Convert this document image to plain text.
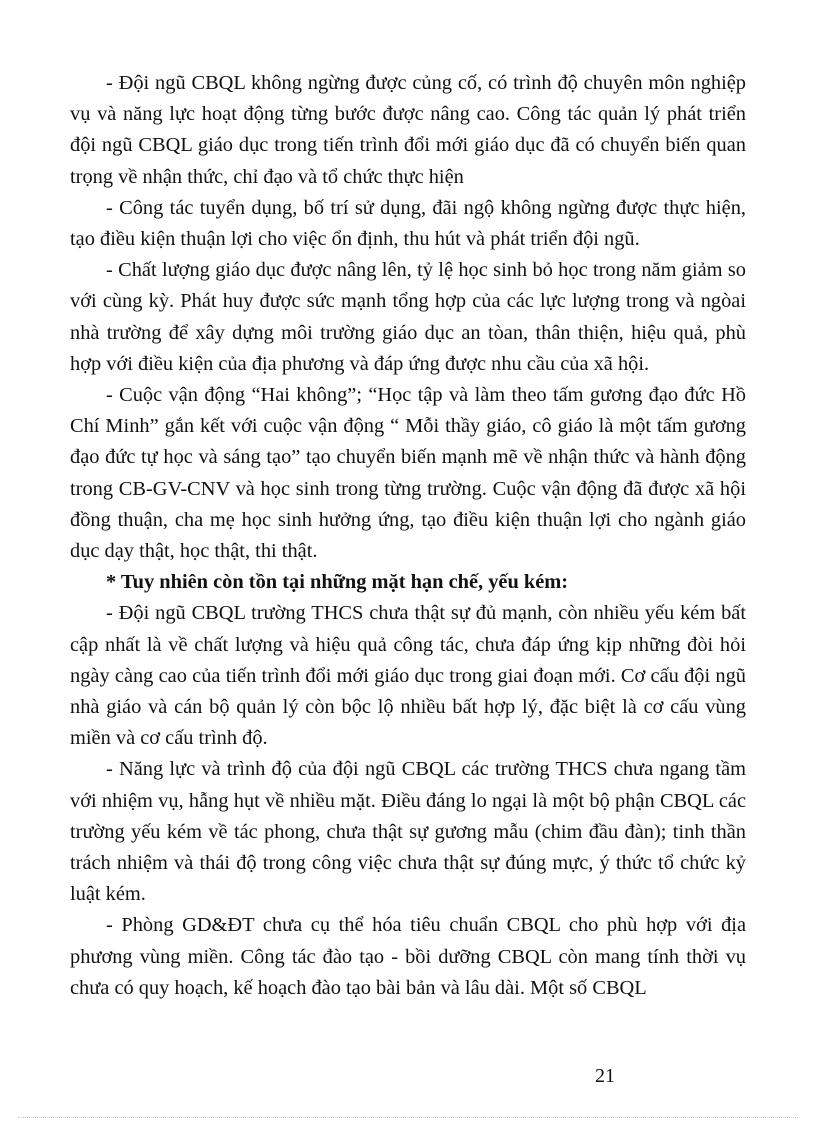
- Đội ngũ CBQL không ngừng được củng cố, có trình độ chuyên môn nghiệp vụ và năng lực hoạt động từng bước được nâng cao. Công tác quản lý phát triển đội ngũ CBQL giáo dục trong tiến trình đổi mới giáo dục đã có chuyển biến quan trọng về nhận thức, chỉ đạo và tổ chức thực hiện

- Công tác tuyển dụng, bố trí sử dụng, đãi ngộ không ngừng được thực hiện, tạo điều kiện thuận lợi cho việc ổn định, thu hút và phát triển đội ngũ.

- Chất lượng giáo dục được nâng lên, tỷ lệ học sinh bỏ học trong năm giảm so với cùng kỳ. Phát huy được sức mạnh tổng hợp của các lực lượng trong và ngòai nhà trường để xây dựng môi trường giáo dục an tòan, thân thiện, hiệu quả, phù hợp với điều kiện của địa phương và đáp ứng được nhu cầu của xã hội.

- Cuộc vận động “Hai không”; “Học tập và làm theo tấm gương đạo đức Hồ Chí Minh” gắn kết với cuộc vận động “ Mỗi thầy giáo, cô giáo là một tấm gương đạo đức tự học và sáng tạo” tạo chuyển biến mạnh mẽ về nhận thức và hành động trong CB-GV-CNV và học sinh trong từng trường. Cuộc vận động đã được xã hội đồng thuận, cha mẹ học sinh hưởng ứng, tạo điều kiện thuận lợi cho ngành giáo dục dạy thật, học thật, thi thật.

* Tuy nhiên còn tồn tại những mặt hạn chế, yếu kém:

- Đội ngũ CBQL trường THCS chưa thật sự đủ mạnh, còn nhiều yếu kém bất cập nhất là về chất lượng và hiệu quả công tác, chưa đáp ứng kịp những đòi hỏi ngày càng cao của tiến trình đổi mới giáo dục trong giai đoạn mới. Cơ cấu đội ngũ nhà giáo và cán bộ quản lý còn bộc lộ nhiều bất hợp lý, đặc biệt là cơ cấu vùng miền và cơ cấu trình độ.

- Năng lực và trình độ của đội ngũ CBQL các trường THCS chưa ngang tầm với nhiệm vụ, hẫng hụt về nhiều mặt. Điều đáng lo ngại là một bộ phận CBQL các trường yếu kém về tác phong, chưa thật sự gương mẫu (chim đầu đàn); tinh thần trách nhiệm và thái độ trong công việc chưa thật sự đúng mực, ý thức tổ chức kỷ luật kém.

- Phòng GD&ĐT chưa cụ thể hóa tiêu chuẩn CBQL cho phù hợp với địa phương vùng miền. Công tác đào tạo - bồi dưỡng CBQL còn mang tính thời vụ chưa có quy hoạch, kế hoạch đào tạo bài bản và lâu dài. Một số CBQL

21
